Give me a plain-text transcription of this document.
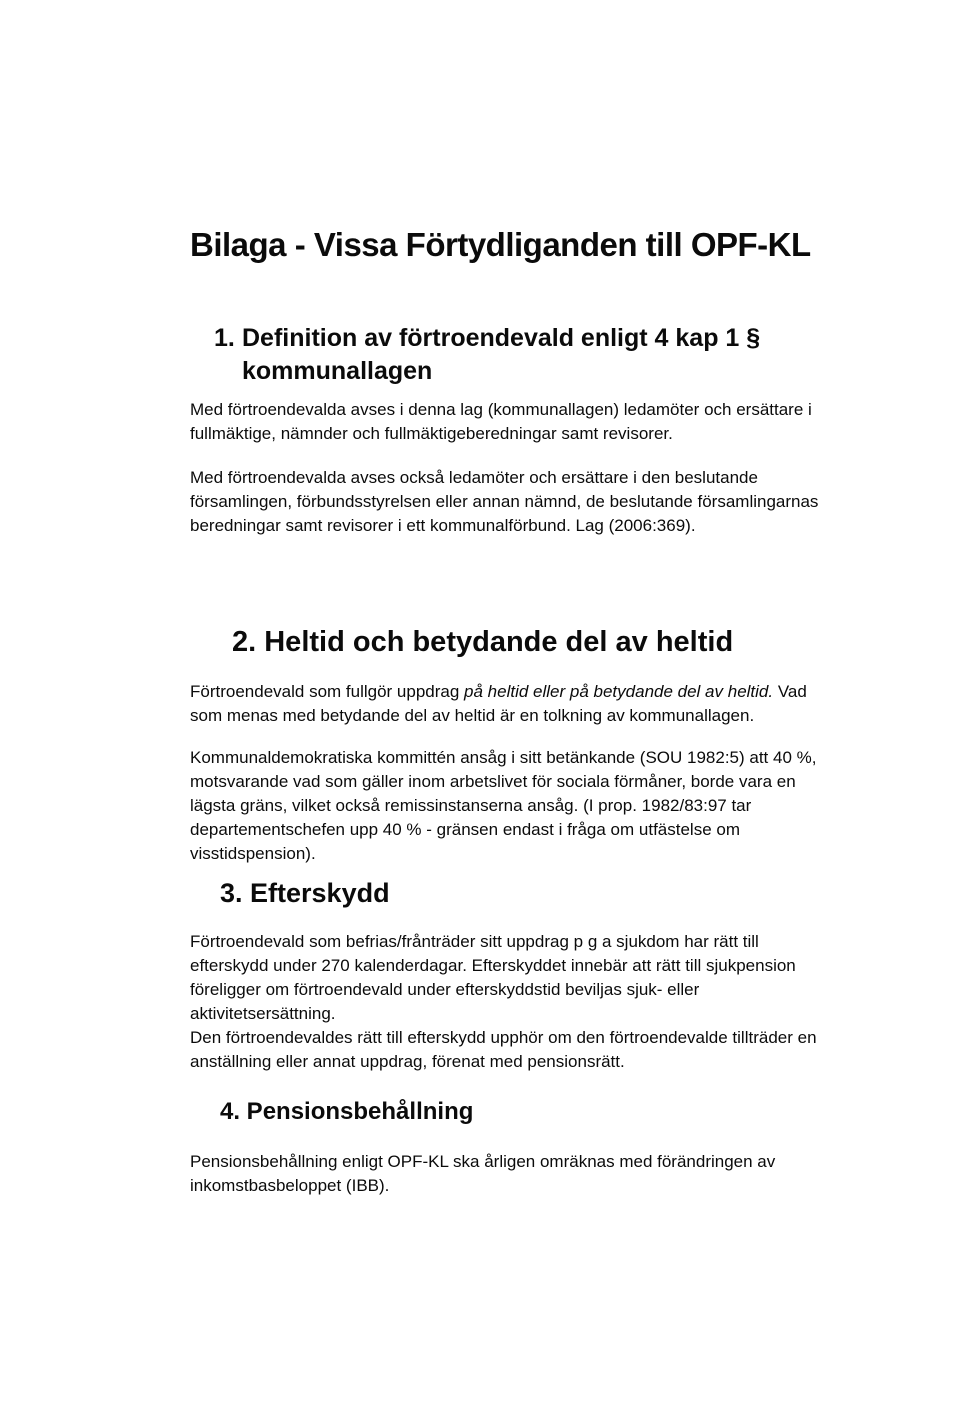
Bilaga - Vissa Förtydliganden till OPF-KL
1. Definition av förtroendevald enligt 4 kap 1 §
kommunallagen

Med förtroendevalda avses i denna lag (kommunallagen) ledamöter och ersättare i
fullmäktige, nämnder och fullmäktigeberedningar samt revisorer.

Med förtroendevalda avses också ledamöter och ersättare i den beslutande
församlingen, förbundsstyrelsen eller annan nämnd, de beslutande församlingarnas
beredningar samt revisorer i ett kommunalförbund. Lag (2006:369).

2. Heltid och betydande del av heltid

Förtroendevald som fullgör uppdrag på heltid eller på betydande del av heltid. Vad
som menas med betydande del av heltid är en tolkning av kommunallagen.

Kommunaldemokratiska kommittén ansåg i sitt betänkande (SOU 1982:5) att 40 %,
motsvarande vad som gäller inom arbetslivet för sociala förmåner, borde vara en
lägsta gräns, vilket också remissinstanserna ansåg. (I prop. 1982/83:97 tar
departementschefen upp 40 % - gränsen endast i fråga om utfästelse om
visstidspension).

3. Efterskydd

Förtroendevald som befrias/frånträder sitt uppdrag p g a sjukdom har rätt till
efterskydd under 270 kalenderdagar. Efterskyddet innebär att rätt till sjukpension
föreligger om förtroendevald under efterskyddstid beviljas sjuk- eller
aktivitetsersättning.
Den förtroendevaldes rätt till efterskydd upphör om den förtroendevalde tillträder en
anställning eller annat uppdrag, förenat med pensionsrätt.

4. Pensionsbehållning

Pensionsbehållning enligt OPF-KL ska årligen omräknas med förändringen av
inkomstbasbeloppet (IBB).
